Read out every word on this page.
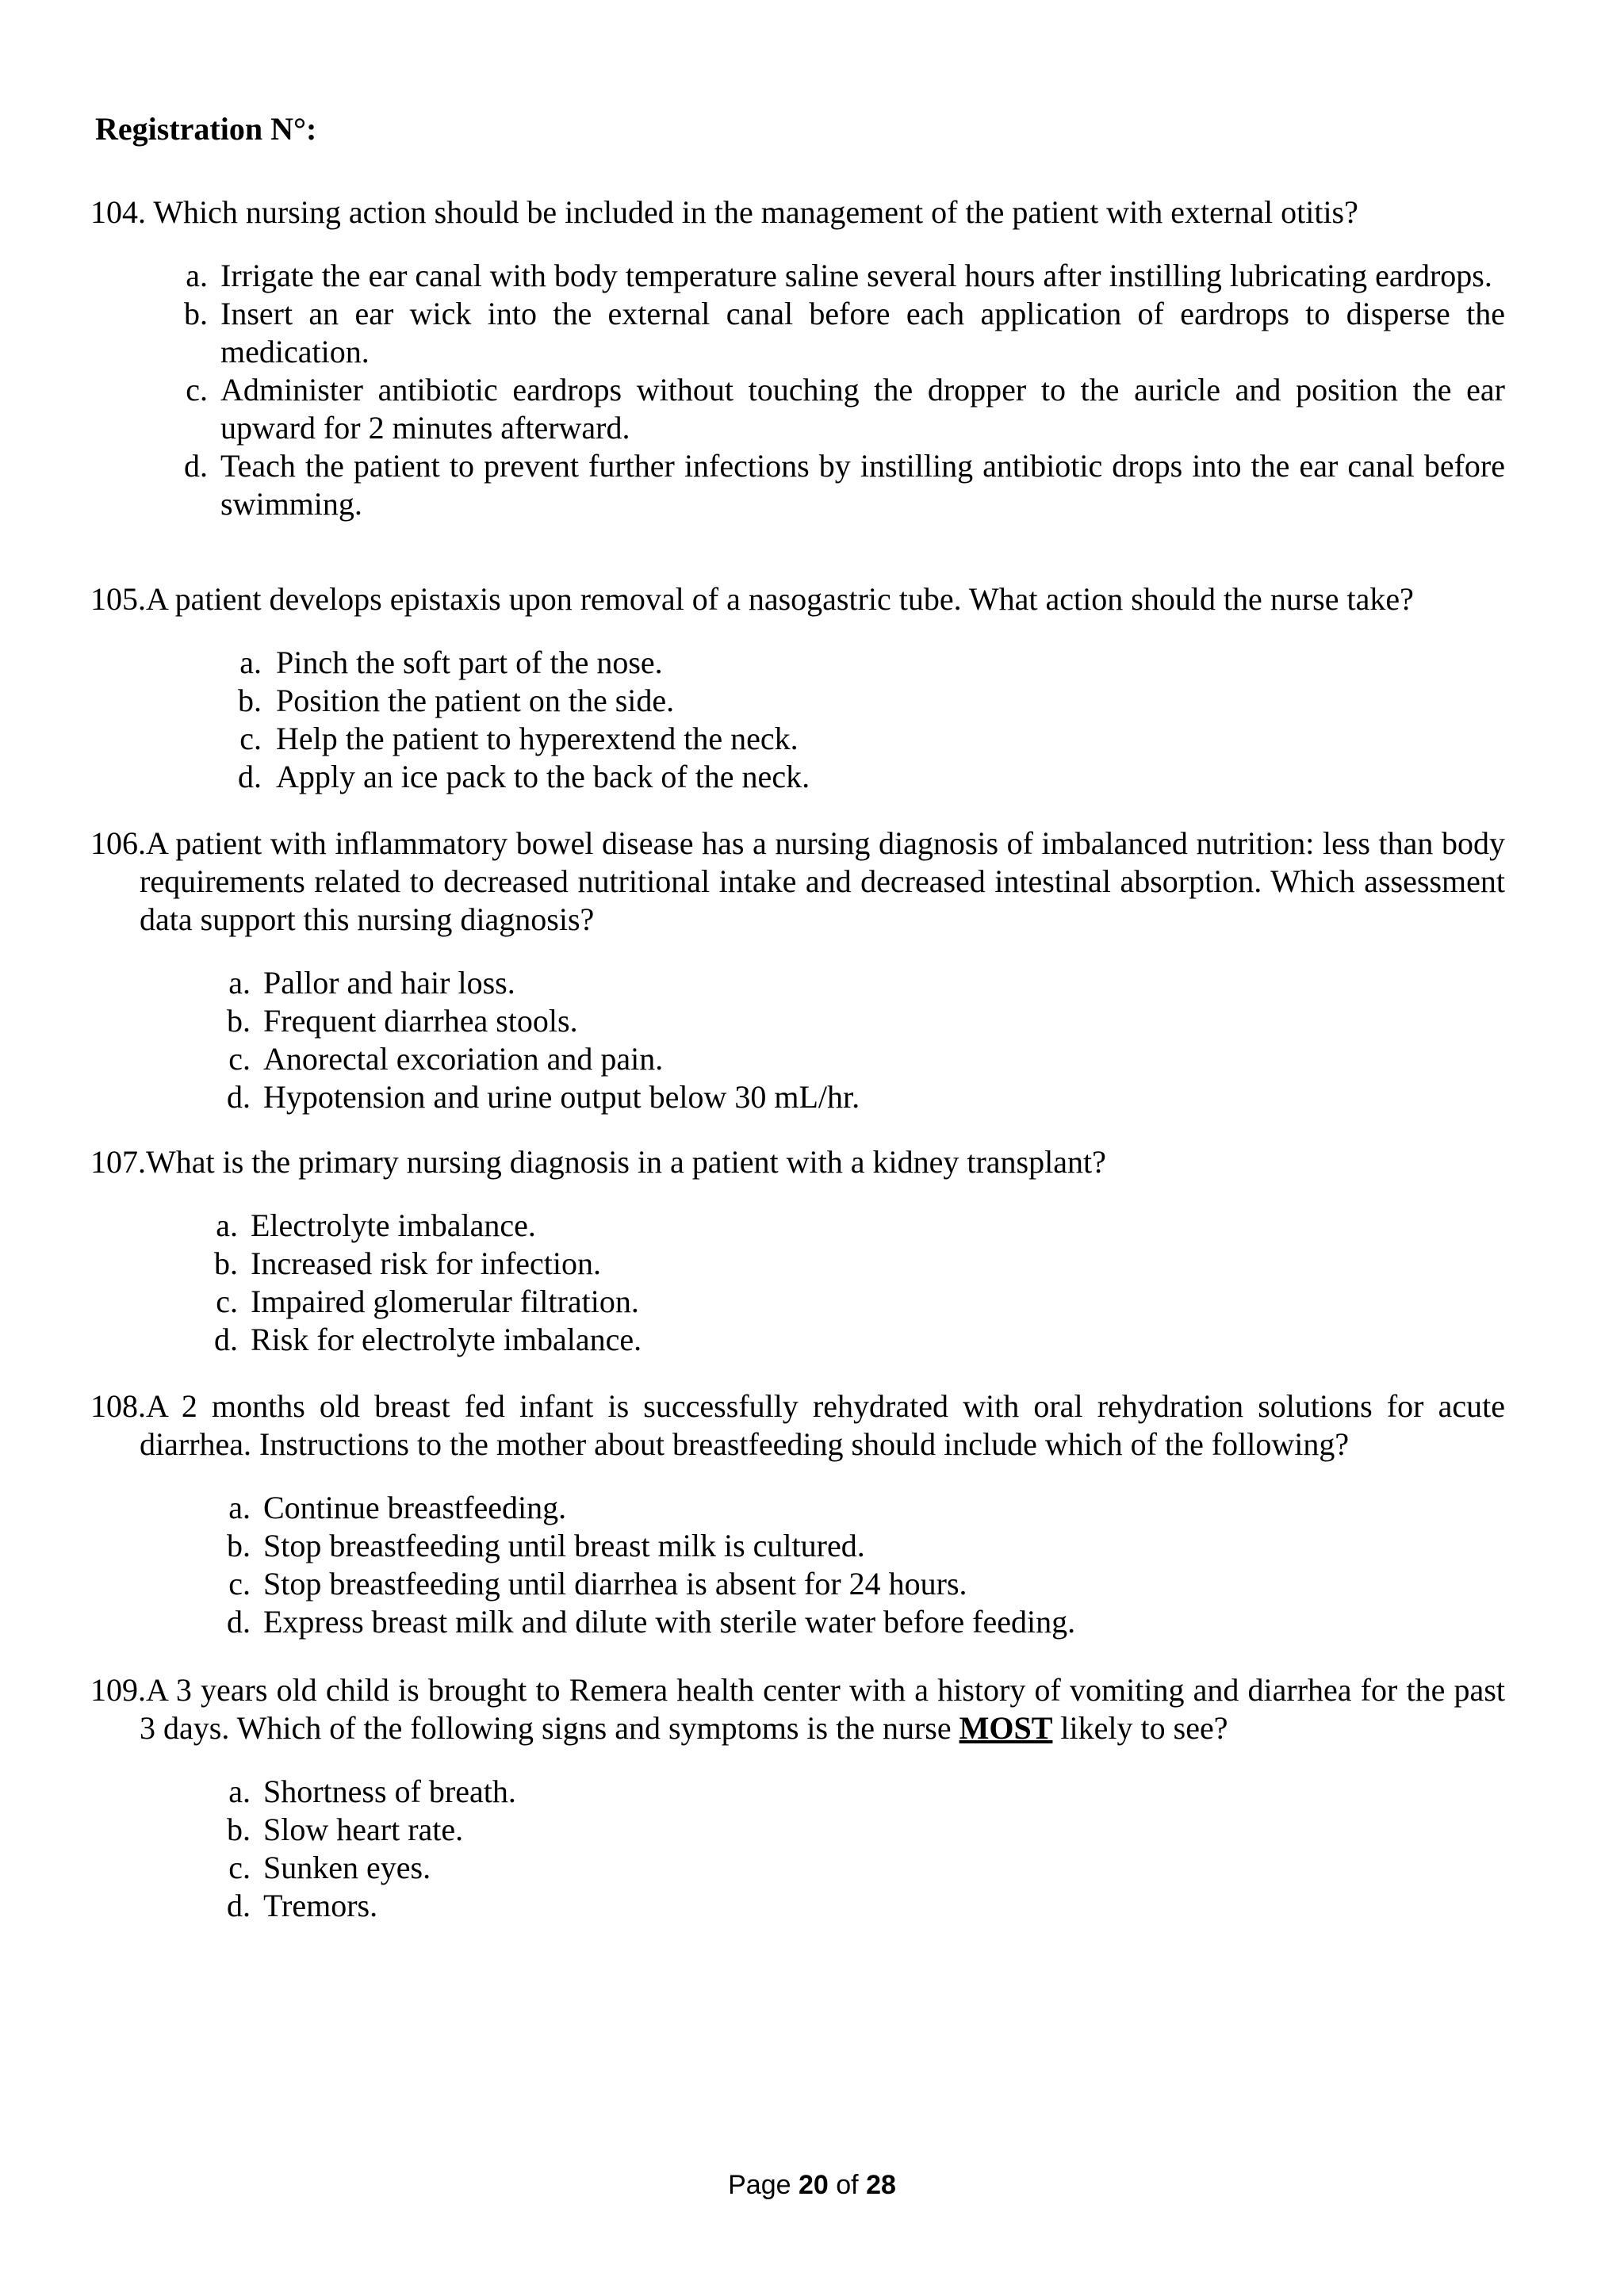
Registration N°:
104. Which nursing action should be included in the management of the patient with external otitis?
a. Irrigate the ear canal with body temperature saline several hours after instilling lubricating eardrops.
b. Insert an ear wick into the external canal before each application of eardrops to disperse the medication.
c. Administer antibiotic eardrops without touching the dropper to the auricle and position the ear upward for 2 minutes afterward.
d. Teach the patient to prevent further infections by instilling antibiotic drops into the ear canal before swimming.
105.A patient develops epistaxis upon removal of a nasogastric tube. What action should the nurse take?
a. Pinch the soft part of the nose.
b. Position the patient on the side.
c. Help the patient to hyperextend the neck.
d. Apply an ice pack to the back of the neck.
106.A patient with inflammatory bowel disease has a nursing diagnosis of imbalanced nutrition: less than body requirements related to decreased nutritional intake and decreased intestinal absorption. Which assessment data support this nursing diagnosis?
a. Pallor and hair loss.
b. Frequent diarrhea stools.
c. Anorectal excoriation and pain.
d. Hypotension and urine output below 30 mL/hr.
107.What is the primary nursing diagnosis in a patient with a kidney transplant?
a. Electrolyte imbalance.
b. Increased risk for infection.
c. Impaired glomerular filtration.
d. Risk for electrolyte imbalance.
108.A 2 months old breast fed infant is successfully rehydrated with oral rehydration solutions for acute diarrhea. Instructions to the mother about breastfeeding should include which of the following?
a. Continue breastfeeding.
b. Stop breastfeeding until breast milk is cultured.
c. Stop breastfeeding until diarrhea is absent for 24 hours.
d. Express breast milk and dilute with sterile water before feeding.
109.A 3 years old child is brought to Remera health center with a history of vomiting and diarrhea for the past 3 days. Which of the following signs and symptoms is the nurse MOST likely to see?
a. Shortness of breath.
b. Slow heart rate.
c. Sunken eyes.
d. Tremors.
Page 20 of 28
